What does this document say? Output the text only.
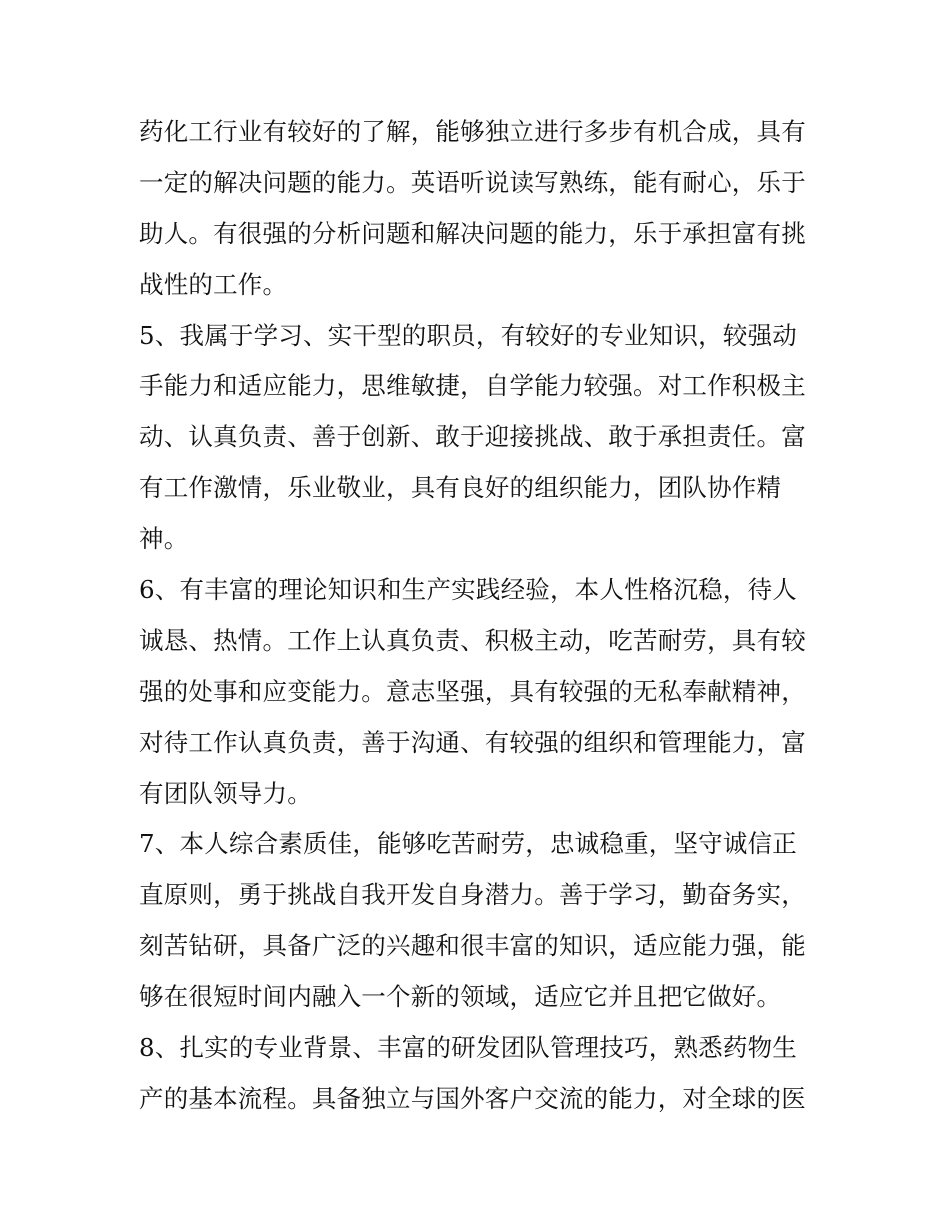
药化工行业有较好的了解，能够独立进行多步有机合成，具有
一定的解决问题的能力。英语听说读写熟练，能有耐心，乐于
助人。有很强的分析问题和解决问题的能力，乐于承担富有挑
战性的工作。
5、我属于学习、实干型的职员，有较好的专业知识，较强动
手能力和适应能力，思维敏捷，自学能力较强。对工作积极主
动、认真负责、善于创新、敢于迎接挑战、敢于承担责任。富
有工作激情，乐业敬业，具有良好的组织能力，团队协作精
神。
6、有丰富的理论知识和生产实践经验，本人性格沉稳，待人
诚恳、热情。工作上认真负责、积极主动，吃苦耐劳，具有较
强的处事和应变能力。意志坚强，具有较强的无私奉献精神，
对待工作认真负责，善于沟通、有较强的组织和管理能力，富
有团队领导力。
7、本人综合素质佳，能够吃苦耐劳，忠诚稳重，坚守诚信正
直原则，勇于挑战自我开发自身潜力。善于学习，勤奋务实，
刻苦钻研，具备广泛的兴趣和很丰富的知识，适应能力强，能
够在很短时间内融入一个新的领域，适应它并且把它做好。
8、扎实的专业背景、丰富的研发团队管理技巧，熟悉药物生
产的基本流程。具备独立与国外客户交流的能力，对全球的医
